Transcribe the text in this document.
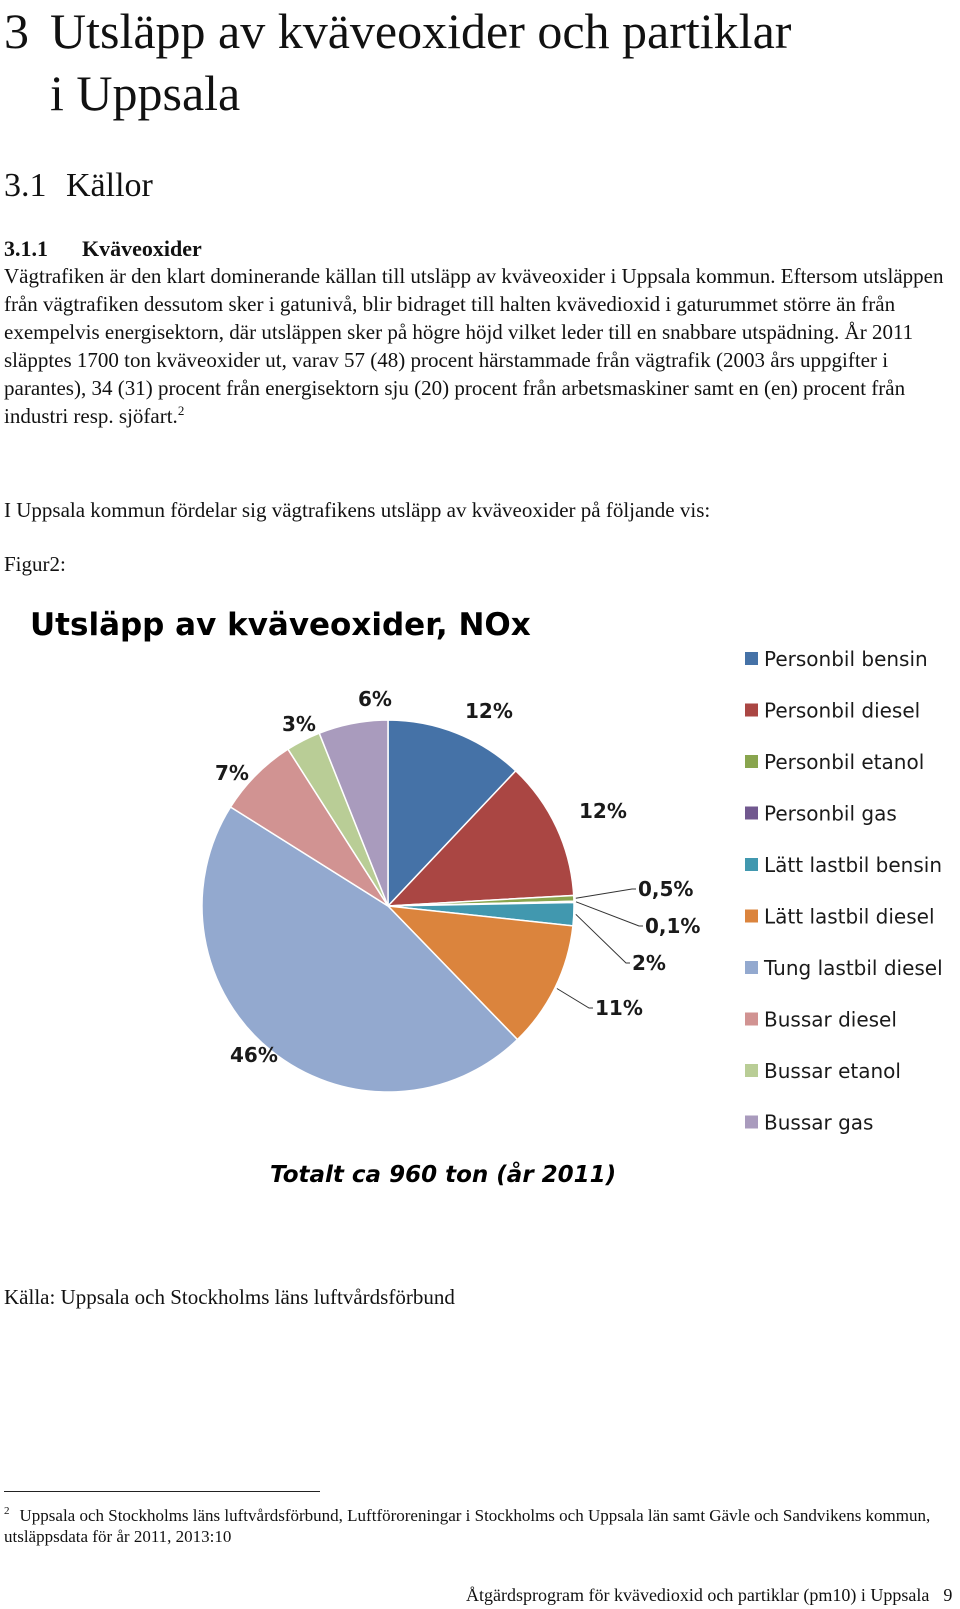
3 Utsläpp av kväveoxider och partiklar
i Uppsala
3.1 Källor
3.1.1 Kväveoxider

Vägtrafiken är den klart dominerande källan till utsläpp av kväveoxider i Uppsala kommun. Eftersom utsläppen från vägtrafiken dessutom sker i gatunivå, blir bidraget till halten kvävedioxid i gaturummet större än från exempelvis energisektorn, där utsläppen sker på högre höjd vilket leder till en snabbare utspädning. År 2011 släpptes 1700 ton kväveoxider ut, varav 57 (48) procent härstammade från vägtrafik (2003 års uppgifter i parantes), 34 (31) procent från energisektorn sju (20) procent från arbetsmaskiner samt en (en) procent från industri resp. sjöfart.$^2$

I Uppsala kommun fördelar sig vägtrafikens utsläpp av kväveoxider på följande vis:

Figur2:

Utsläpp av kväveoxider, NOx
12%
12%
0,5%
0,1%
2%
11%
46%
7%
3%
6%
Personbil bensin
Personbil diesel
Personbil etanol
Personbil gas
Lätt lastbil bensin
Lätt lastbil diesel
Tung lastbil diesel
Bussar diesel
Bussar etanol
Bussar gas
Totalt ca 960 ton (år 2011)

Källa: Uppsala och Stockholms läns luftvårdsförbund

$^2$ Uppsala och Stockholms läns luftvårdsförbund, Luftföroreningar i Stockholms och Uppsala län samt Gävle och Sandvikens kommun, utsläppsdata för år 2011, 2013:10

Åtgärdsprogram för kvävedioxid och partiklar (pm10) i Uppsala 9
